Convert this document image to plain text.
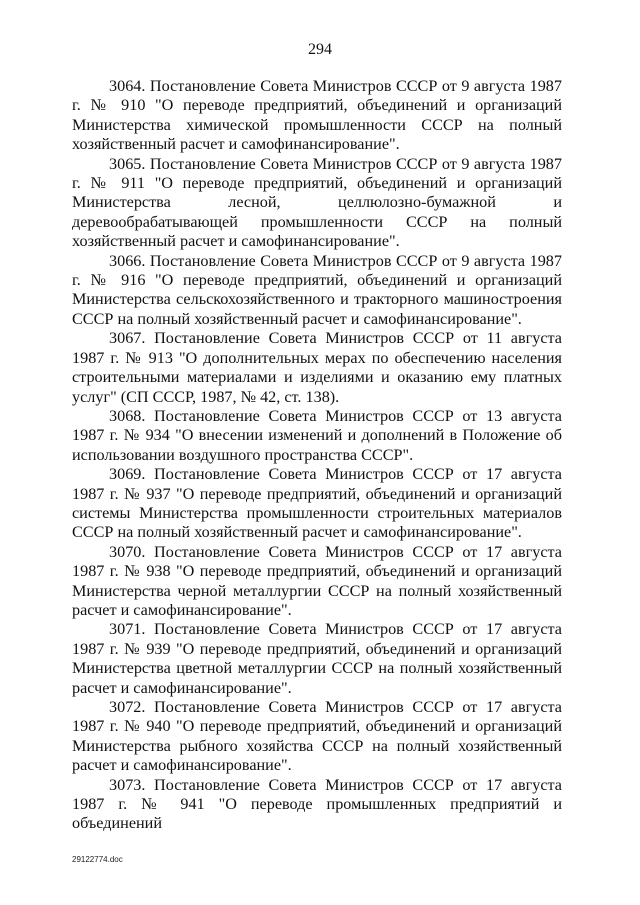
294

3064. Постановление Совета Министров СССР от 9 августа 1987 г. № 910 "О переводе предприятий, объединений и организаций Министерства химической промышленности СССР на полный хозяйственный расчет и самофинансирование".

3065. Постановление Совета Министров СССР от 9 августа 1987 г. № 911 "О переводе предприятий, объединений и организаций Министерства лесной, целлюлозно-бумажной и деревообрабатывающей промышленности СССР на полный хозяйственный расчет и самофинансирование".

3066. Постановление Совета Министров СССР от 9 августа 1987 г. № 916 "О переводе предприятий, объединений и организаций Министерства сельскохозяйственного и тракторного машиностроения СССР на полный хозяйственный расчет и самофинансирование".

3067. Постановление Совета Министров СССР от 11 августа 1987 г. № 913 "О дополнительных мерах по обеспечению населения строительными материалами и изделиями и оказанию ему платных услуг" (СП СССР, 1987, № 42, ст. 138).

3068. Постановление Совета Министров СССР от 13 августа 1987 г. № 934 "О внесении изменений и дополнений в Положение об использовании воздушного пространства СССР".

3069. Постановление Совета Министров СССР от 17 августа 1987 г. № 937 "О переводе предприятий, объединений и организаций системы Министерства промышленности строительных материалов СССР на полный хозяйственный расчет и самофинансирование".

3070. Постановление Совета Министров СССР от 17 августа 1987 г. № 938 "О переводе предприятий, объединений и организаций Министерства черной металлургии СССР на полный хозяйственный расчет и самофинансирование".

3071. Постановление Совета Министров СССР от 17 августа 1987 г. № 939 "О переводе предприятий, объединений и организаций Министерства цветной металлургии СССР на полный хозяйственный расчет и самофинансирование".

3072. Постановление Совета Министров СССР от 17 августа 1987 г. № 940 "О переводе предприятий, объединений и организаций Министерства рыбного хозяйства СССР на полный хозяйственный расчет и самофинансирование".

3073. Постановление Совета Министров СССР от 17 августа 1987 г. № 941 "О переводе промышленных предприятий и объединений

29122774.doc
